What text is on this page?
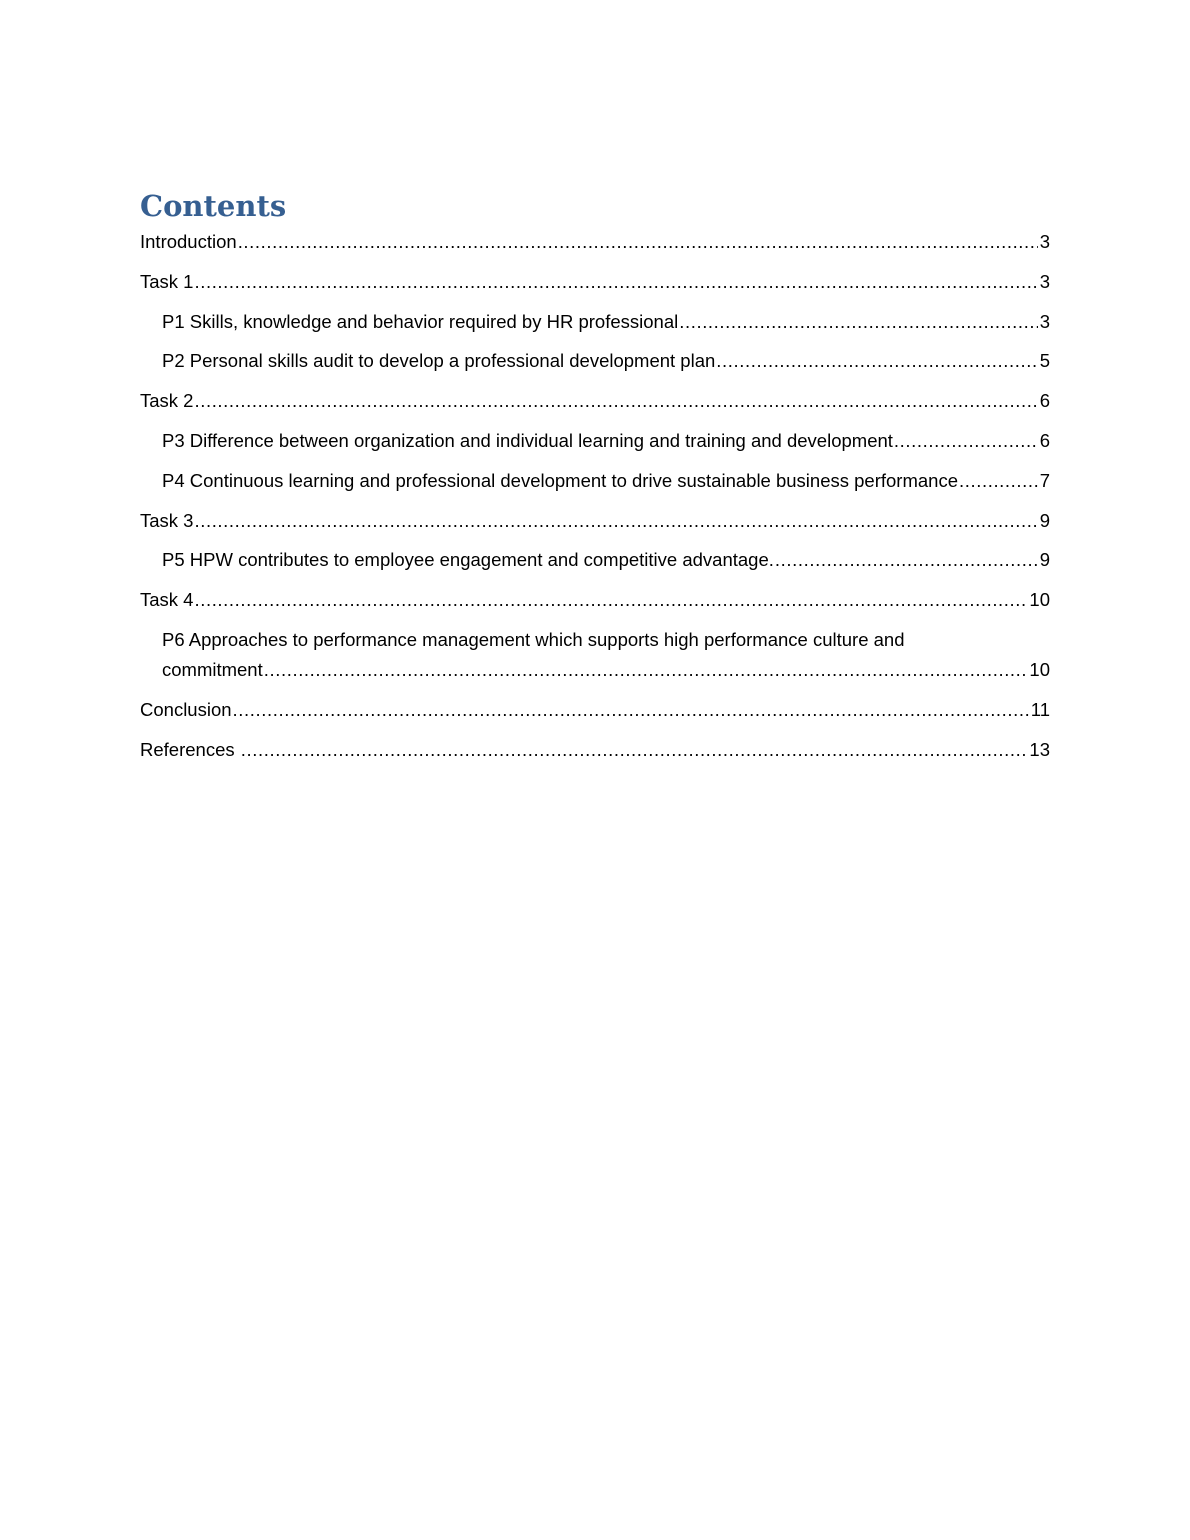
Contents
Introduction .....	3
Task 1 .....	3
P1 Skills, knowledge and behavior required by HR professional .....	3
P2 Personal skills audit to develop a professional development plan .....	5
Task 2 .....	6
P3 Difference between organization and individual learning and training and development .....	6
P4 Continuous learning and professional development to drive sustainable business performance .....	7
Task 3 .....	9
P5 HPW contributes to employee engagement and competitive advantage. .....	9
Task 4 .....	10
P6 Approaches to performance management which supports high performance culture and
commitment .....	10
Conclusion .....	11
References .....	13
